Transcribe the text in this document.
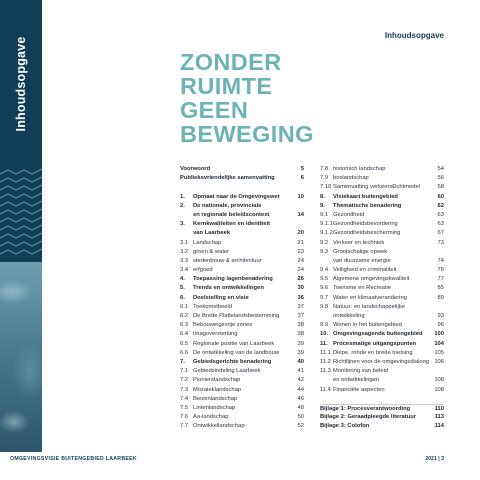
Inhoudsopgave
Inhoudsopgave
ZONDER
RUIMTE
GEEN
BEWEGING
Voorwoord	5
Publieksvriendelijke samenvatting	6
1. Opmaat naar de Omgevingswet	10
2. De nationale, provinciale
en regionale beleidscontext	14
3. Kernkwaliteiten en identiteit
van Laarbeek	20
3.1 Landschap	21
3.2 groen & water	23
3.3 stedenbouw & architectuur	24
3.4 erfgoed	24
4. Toepassing lagenbenadering	26
5. Trends en ontwikkelingen	30
6. Doelstelling en visie	36
6.1 Toekomstbeeld	37
6.2 De Brede Plattelandsbestemming	37
6.3 Bebouwingsvrije zones	38
6.4 Imagoversterking	38
6.5 Regionale positie van Laarbeek	39
6.6 De ontwikkeling van de landbouw	39
7. Gebiedsgerichte benadering	40
7.1 Gebiedsindeling Laarbeek	41
7.2 Pionierslandschap	42
7.3 Mozaieklandschap	44
7.4 Biezenlandschap	46
7.5 Lintenlandschap	48
7.6 Aa-landschap	50
7.7 Ontwikkellandschap	52
7.8 historisch landschap	54
7.9 boslandschap	56
7.10 Samenvatting verkeersÐchtmodel	58
8. Visiekaart buitengebied	60
9. Thematische benadering	62
9.1 Gezondheid	63
9.1.1 Gezondheidsbevordering	63
9.1.2 Gezondheidsbescherming	67
9.2 Verkeer en techniek	73
9.3 Grootschalige opwek
van duurzame energie	74
9.4 Veiligheid en criminaliteit	76
9.5 Algemene omgevingskwaliteit	77
9.6 Toerisme en Recreatie	85
9.7 Water en klimaatverandering	89
9.8 Natuur- en landschappelijke
ontwikkeling	93
9.9 Wonen in het buitengebied	96
10. Omgevingsagenda buitengebied 100
11. Procesmatige uitgangspunten	104
11.1 Diepe, ronde en brede toetsing	105
11.2 Richtlijnen voor de omgevingsdialoog 106
11.3 Monitoring van beleid
en ontwikkelingen	108
11.4 Financiële aspecten	108
Bijlage 1: Procesverantwoording	110
Bijlage 2: Geraadpleegde literatuur	113
Bijlage 3: Colofon	114
OMGEVINGSVISIE BUITENGEBIED LAARBEEK	2021 | 3
